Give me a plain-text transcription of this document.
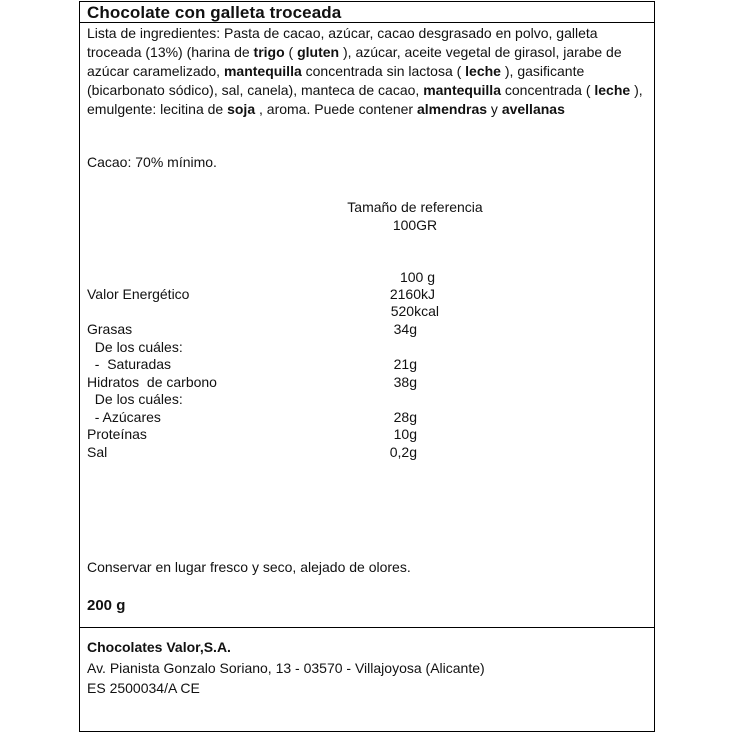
Chocolate con galleta troceada
Lista de ingredientes: Pasta de cacao, azúcar, cacao desgrasado en polvo, galleta troceada (13%) (harina de trigo ( gluten ), azúcar, aceite vegetal de girasol, jarabe de azúcar caramelizado, mantequilla concentrada sin lactosa ( leche ), gasificante (bicarbonato sódico), sal, canela), manteca de cacao, mantequilla concentrada ( leche ), emulgente: lecitina de soja , aroma. Puede contener almendras y avellanas
Cacao: 70% mínimo.
Tamaño de referencia
100GR
100 g
Valor Energético	2160kJ
520kcal
Grasas	34g
De los cuáles:
-  Saturadas	21g
Hidratos  de carbono	38g
De los cuáles:
- Azúcares	28g
Proteínas	10g
Sal	0,2g
Conservar en lugar fresco y seco, alejado de olores.
200 g
Chocolates Valor,S.A.
Av. Pianista Gonzalo Soriano, 13 - 03570 - Villajoyosa (Alicante)
ES 2500034/A CE
